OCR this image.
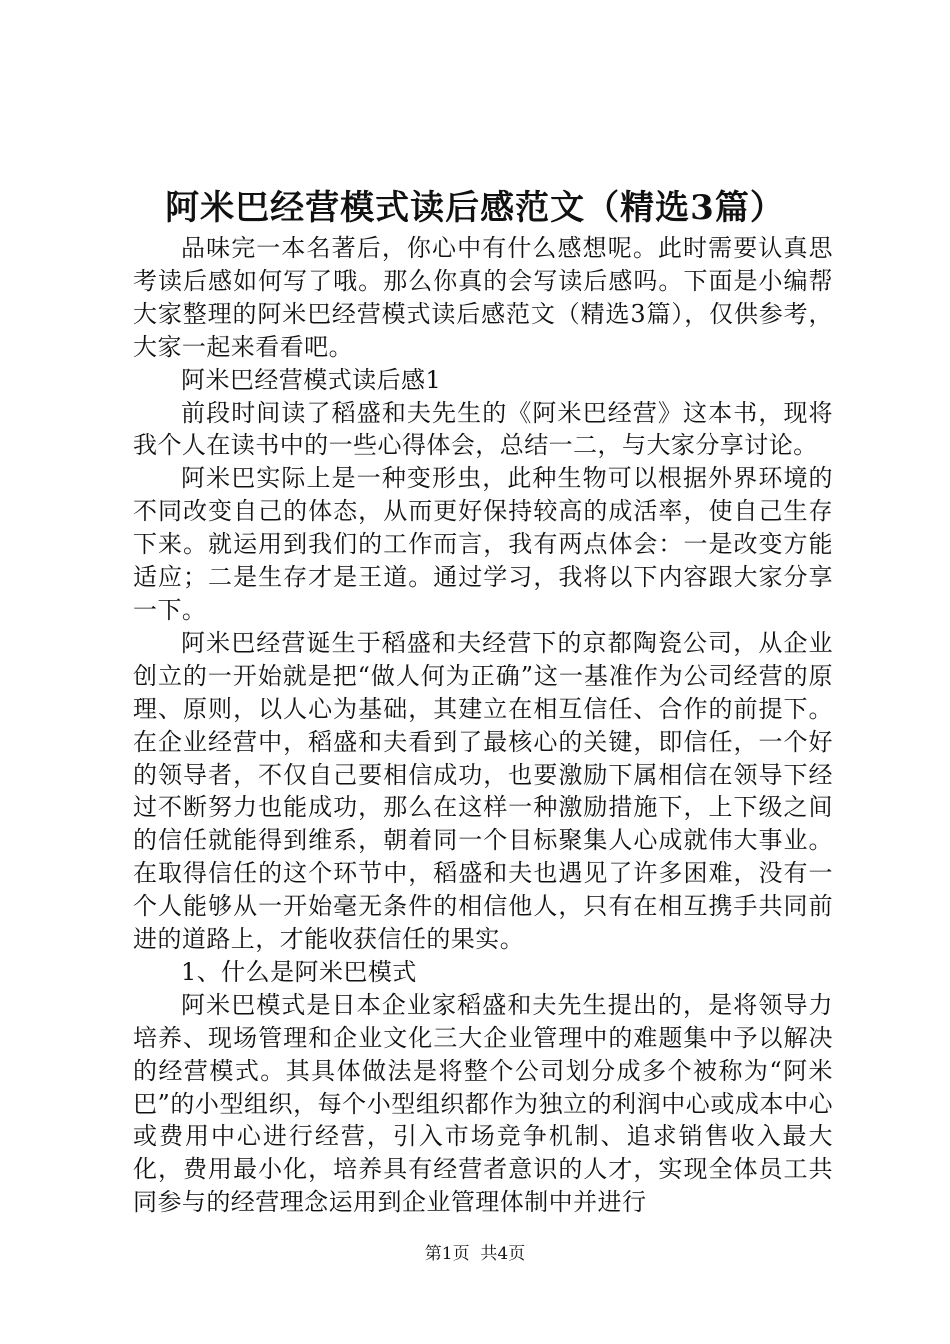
阿米巴经营模式读后感范文（精选3篇）

品味完一本名著后，你心中有什么感想呢。此时需要认真思考读后感如何写了哦。那么你真的会写读后感吗。下面是小编帮大家整理的阿米巴经营模式读后感范文（精选3篇），仅供参考，大家一起来看看吧。

阿米巴经营模式读后感1

前段时间读了稻盛和夫先生的《阿米巴经营》这本书，现将我个人在读书中的一些心得体会，总结一二，与大家分享讨论。

阿米巴实际上是一种变形虫，此种生物可以根据外界环境的不同改变自己的体态，从而更好保持较高的成活率，使自己生存下来。就运用到我们的工作而言，我有两点体会：一是改变方能适应；二是生存才是王道。通过学习，我将以下内容跟大家分享一下。

阿米巴经营诞生于稻盛和夫经营下的京都陶瓷公司，从企业创立的一开始就是把“做人何为正确”这一基准作为公司经营的原理、原则，以人心为基础，其建立在相互信任、合作的前提下。在企业经营中，稻盛和夫看到了最核心的关键，即信任，一个好的领导者，不仅自己要相信成功，也要激励下属相信在领导下经过不断努力也能成功，那么在这样一种激励措施下，上下级之间的信任就能得到维系，朝着同一个目标聚集人心成就伟大事业。在取得信任的这个环节中，稻盛和夫也遇见了许多困难，没有一个人能够从一开始毫无条件的相信他人，只有在相互携手共同前进的道路上，才能收获信任的果实。

1、什么是阿米巴模式

阿米巴模式是日本企业家稻盛和夫先生提出的，是将领导力培养、现场管理和企业文化三大企业管理中的难题集中予以解决的经营模式。其具体做法是将整个公司划分成多个被称为“阿米巴”的小型组织，每个小型组织都作为独立的利润中心或成本中心或费用中心进行经营，引入市场竞争机制、追求销售收入最大化，费用最小化，培养具有经营者意识的人才，实现全体员工共同参与的经营理念运用到企业管理体制中并进行

第1页 共4页
